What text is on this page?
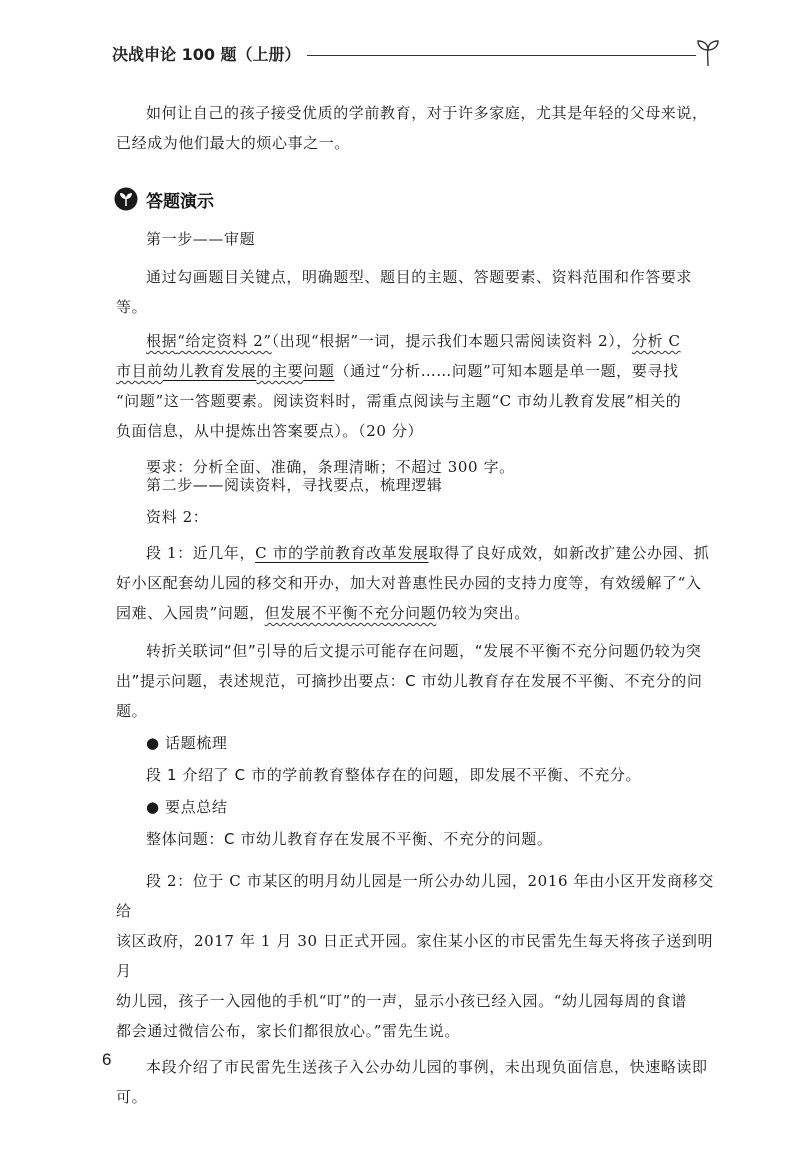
决战申论 100 题（上册）

如何让自己的孩子接受优质的学前教育，对于许多家庭，尤其是年轻的父母来说，

已经成为他们最大的烦心事之一。

答题演示

第一步——审题

通过勾画题目关键点，明确题型、题目的主题、答题要素、资料范围和作答要求等。

根据“给定资料 2”（出现“根据”一词，提示我们本题只需阅读资料 2），分析 C

市目前幼儿教育发展的主要问题（通过“分析……问题”可知本题是单一题，要寻找

“问题”这一答题要素。阅读资料时，需重点阅读与主题“C 市幼儿教育发展”相关的

负面信息，从中提炼出答案要点）。（20 分）

要求：分析全面、准确，条理清晰；不超过 300 字。

第二步——阅读资料，寻找要点，梳理逻辑

资料 2：

段 1：近几年，C 市的学前教育改革发展取得了良好成效，如新改扩建公办园、抓

好小区配套幼儿园的移交和开办，加大对普惠性民办园的支持力度等，有效缓解了“入

园难、入园贵”问题，但发展不平衡不充分问题仍较为突出。

转折关联词“但”引导的后文提示可能存在问题，“发展不平衡不充分问题仍较为突

出”提示问题，表述规范，可摘抄出要点：C 市幼儿教育存在发展不平衡、不充分的问题。

● 话题梳理

段 1 介绍了 C 市的学前教育整体存在的问题，即发展不平衡、不充分。

● 要点总结

整体问题：C 市幼儿教育存在发展不平衡、不充分的问题。

段 2：位于 C 市某区的明月幼儿园是一所公办幼儿园，2016 年由小区开发商移交给

该区政府，2017 年 1 月 30 日正式开园。家住某小区的市民雷先生每天将孩子送到明月

幼儿园，孩子一入园他的手机“叮”的一声，显示小孩已经入园。“幼儿园每周的食谱

都会通过微信公布，家长们都很放心。”雷先生说。

本段介绍了市民雷先生送孩子入公办幼儿园的事例，未出现负面信息，快速略读即可。

6
